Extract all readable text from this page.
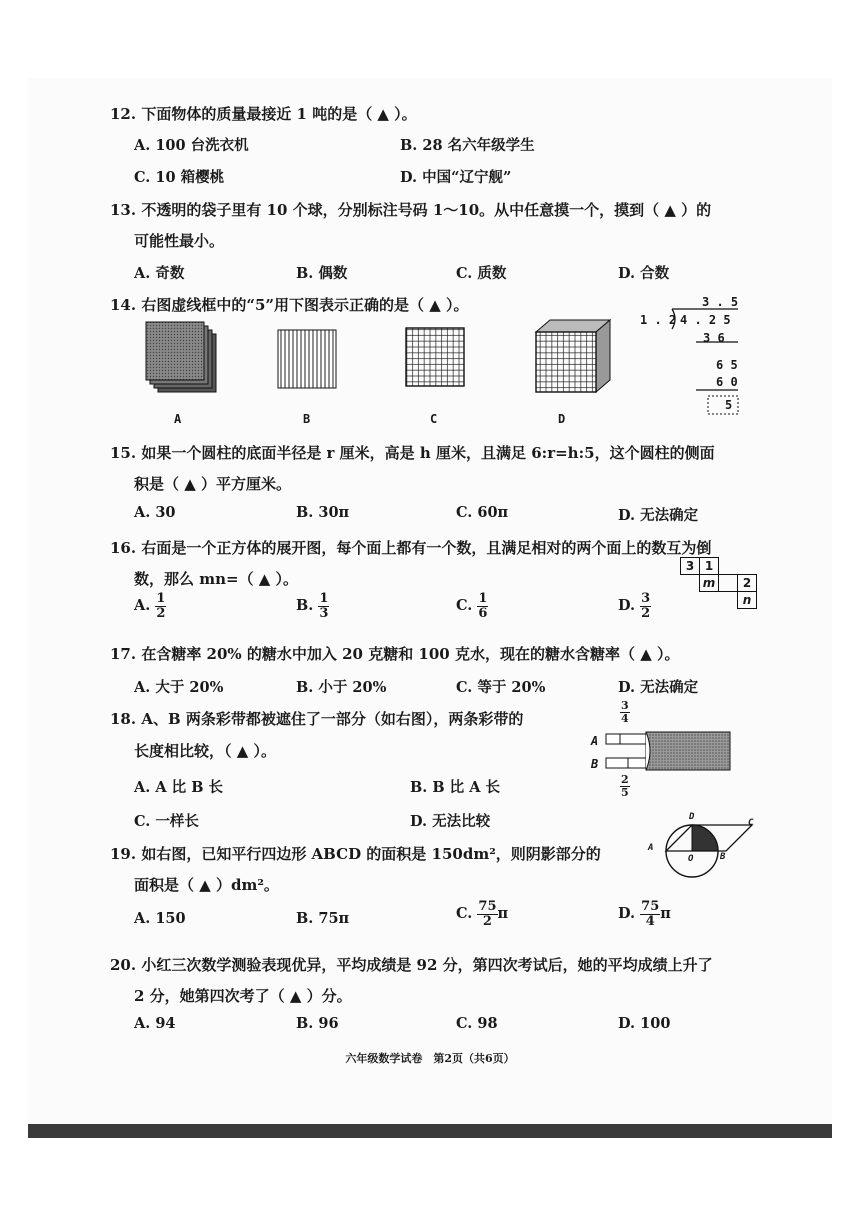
12. 下面物体的质量最接近 1 吨的是（ ▲ ）。
A. 100 台洗衣机	B. 28 名六年级学生
C. 10 箱樱桃	D. 中国“辽宁舰”
13. 不透明的袋子里有 10 个球，分别标注号码 1～10。从中任意摸一个，摸到（ ▲ ）的
可能性最小。
A. 奇数	B. 偶数	C. 质数	D. 合数
14. 右图虚线框中的“5”用下图表示正确的是（ ▲ ）。
A	B	C	D
3 . 5
1 . 2 4 . 2 5
3 6
6 5
6 0
5
15. 如果一个圆柱的底面半径是 r 厘米，高是 h 厘米，且满足 6:r=h:5，这个圆柱的侧面
积是（ ▲ ）平方厘米。
A. 30	B. 30π	C. 60π	D. 无法确定
16. 右面是一个正方体的展开图，每个面上都有一个数，且满足相对的两个面上的数互为倒
数，那么 mn=（ ▲ ）。
A. $\frac{1}{2}$	B. $\frac{1}{3}$	C. $\frac{1}{6}$	D. $\frac{3}{2}$
3	1		
	m		2
			n
17. 在含糖率 20% 的糖水中加入 20 克糖和 100 克水，现在的糖水含糖率（ ▲ ）。
A. 大于 20%	B. 小于 20%	C. 等于 20%	D. 无法确定
18. A、B 两条彩带都被遮住了一部分（如右图），两条彩带的
长度相比较，（ ▲ ）。
A. A 比 B 长	B. B 比 A 长
C. 一样长	D. 无法比较
A
B
$\frac{3}{4}$
$\frac{2}{5}$
19. 如右图，已知平行四边形 ABCD 的面积是 150dm²，则阴影部分的
面积是（ ▲ ）dm²。
A. 150	B. 75π	C. $\frac{75}{2}$ π	D. $\frac{75}{4}$ π
A
B
C
D
O
20. 小红三次数学测验表现优异，平均成绩是 92 分，第四次考试后，她的平均成绩上升了
2 分，她第四次考了（ ▲ ）分。
A. 94	B. 96	C. 98	D. 100
六年级数学试卷　第2页（共6页）
